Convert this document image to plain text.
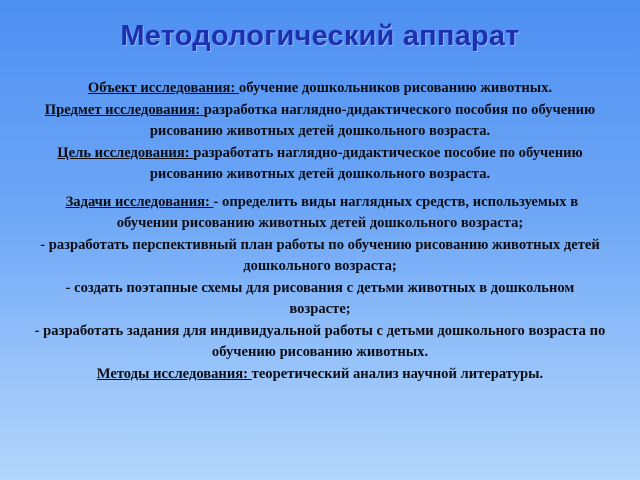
Методологический аппарат

Объект исследования: обучение дошкольников рисованию животных.

Предмет исследования: разработка наглядно-дидактического пособия по обучению рисованию животных детей дошкольного возраста.

Цель исследования: разработать наглядно-дидактическое пособие по обучению рисованию животных детей дошкольного возраста.

Задачи исследования: - определить виды наглядных средств, используемых в обучении рисованию животных детей дошкольного возраста;

- разработать перспективный план работы по обучению рисованию животных детей дошкольного возраста;

- создать поэтапные схемы для рисования с детьми животных в дошкольном возрасте;

- разработать задания для индивидуальной работы с детьми дошкольного возраста по обучению рисованию животных.

Методы исследования: теоретический анализ научной литературы.
